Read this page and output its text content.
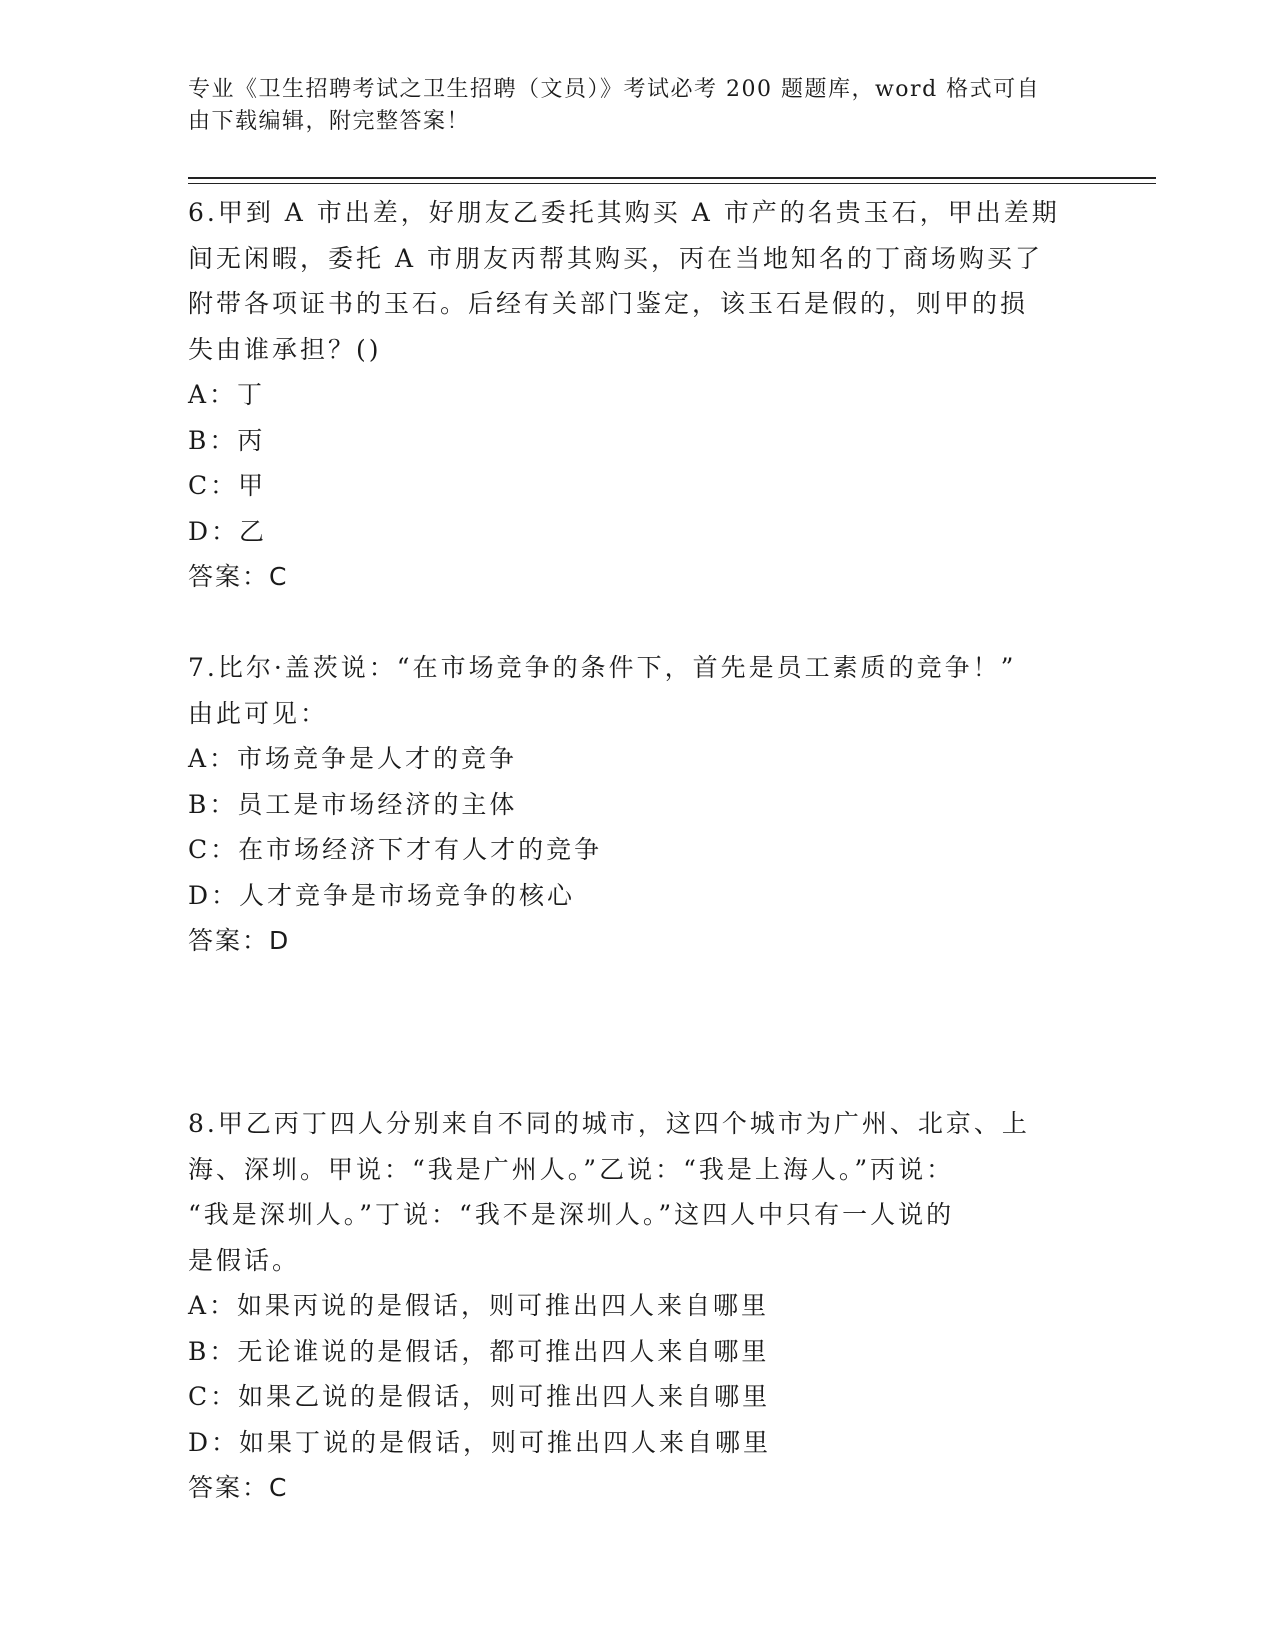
专业《卫生招聘考试之卫生招聘（文员）》考试必考 200 题题库，word 格式可自
由下载编辑，附完整答案！
6.甲到 A 市出差，好朋友乙委托其购买 A 市产的名贵玉石，甲出差期
间无闲暇，委托 A 市朋友丙帮其购买，丙在当地知名的丁商场购买了
附带各项证书的玉石。后经有关部门鉴定，该玉石是假的，则甲的损
失由谁承担？()
A：丁
B：丙
C：甲
D：乙
答案：C
7.比尔·盖茨说：“在市场竞争的条件下，首先是员工素质的竞争！”
由此可见：
A：市场竞争是人才的竞争
B：员工是市场经济的主体
C：在市场经济下才有人才的竞争
D：人才竞争是市场竞争的核心
答案：D
8.甲乙丙丁四人分别来自不同的城市，这四个城市为广州、北京、上
海、深圳。甲说：“我是广州人。”乙说：“我是上海人。”丙说：
“我是深圳人。”丁说：“我不是深圳人。”这四人中只有一人说的
是假话。
A：如果丙说的是假话，则可推出四人来自哪里
B：无论谁说的是假话，都可推出四人来自哪里
C：如果乙说的是假话，则可推出四人来自哪里
D：如果丁说的是假话，则可推出四人来自哪里
答案：C
